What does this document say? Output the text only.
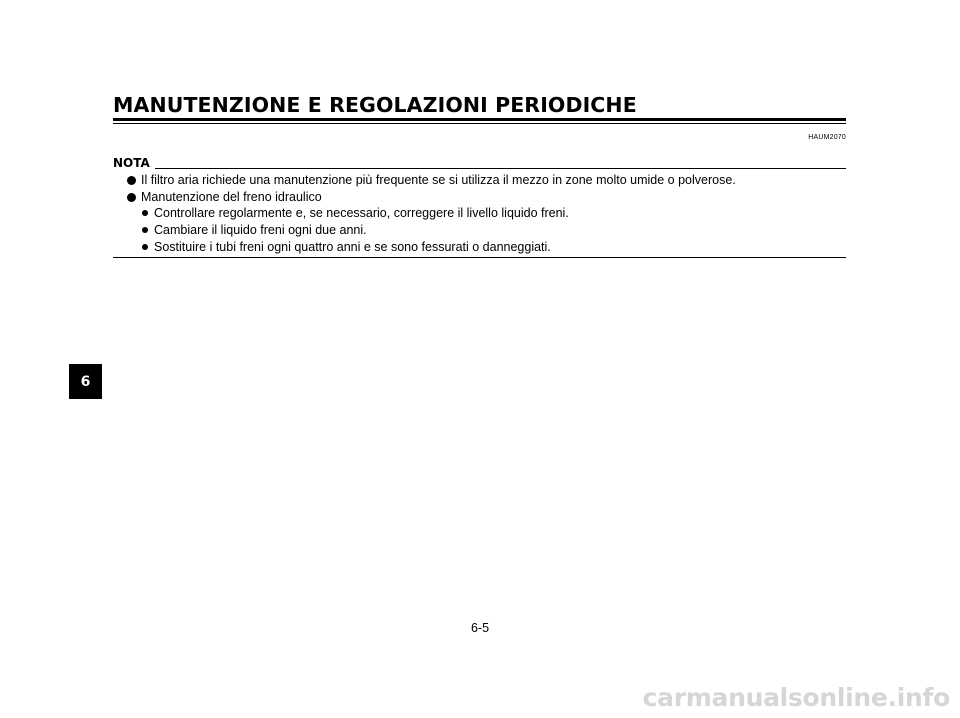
MANUTENZIONE E REGOLAZIONI PERIODICHE
HAUM2070
NOTA
Il filtro aria richiede una manutenzione più frequente se si utilizza il mezzo in zone molto umide o polverose.
Manutenzione del freno idraulico
Controllare regolarmente e, se necessario, correggere il livello liquido freni.
Cambiare il liquido freni ogni due anni.
Sostituire i tubi freni ogni quattro anni e se sono fessurati o danneggiati.
6
6-5
carmanualsonline.info
